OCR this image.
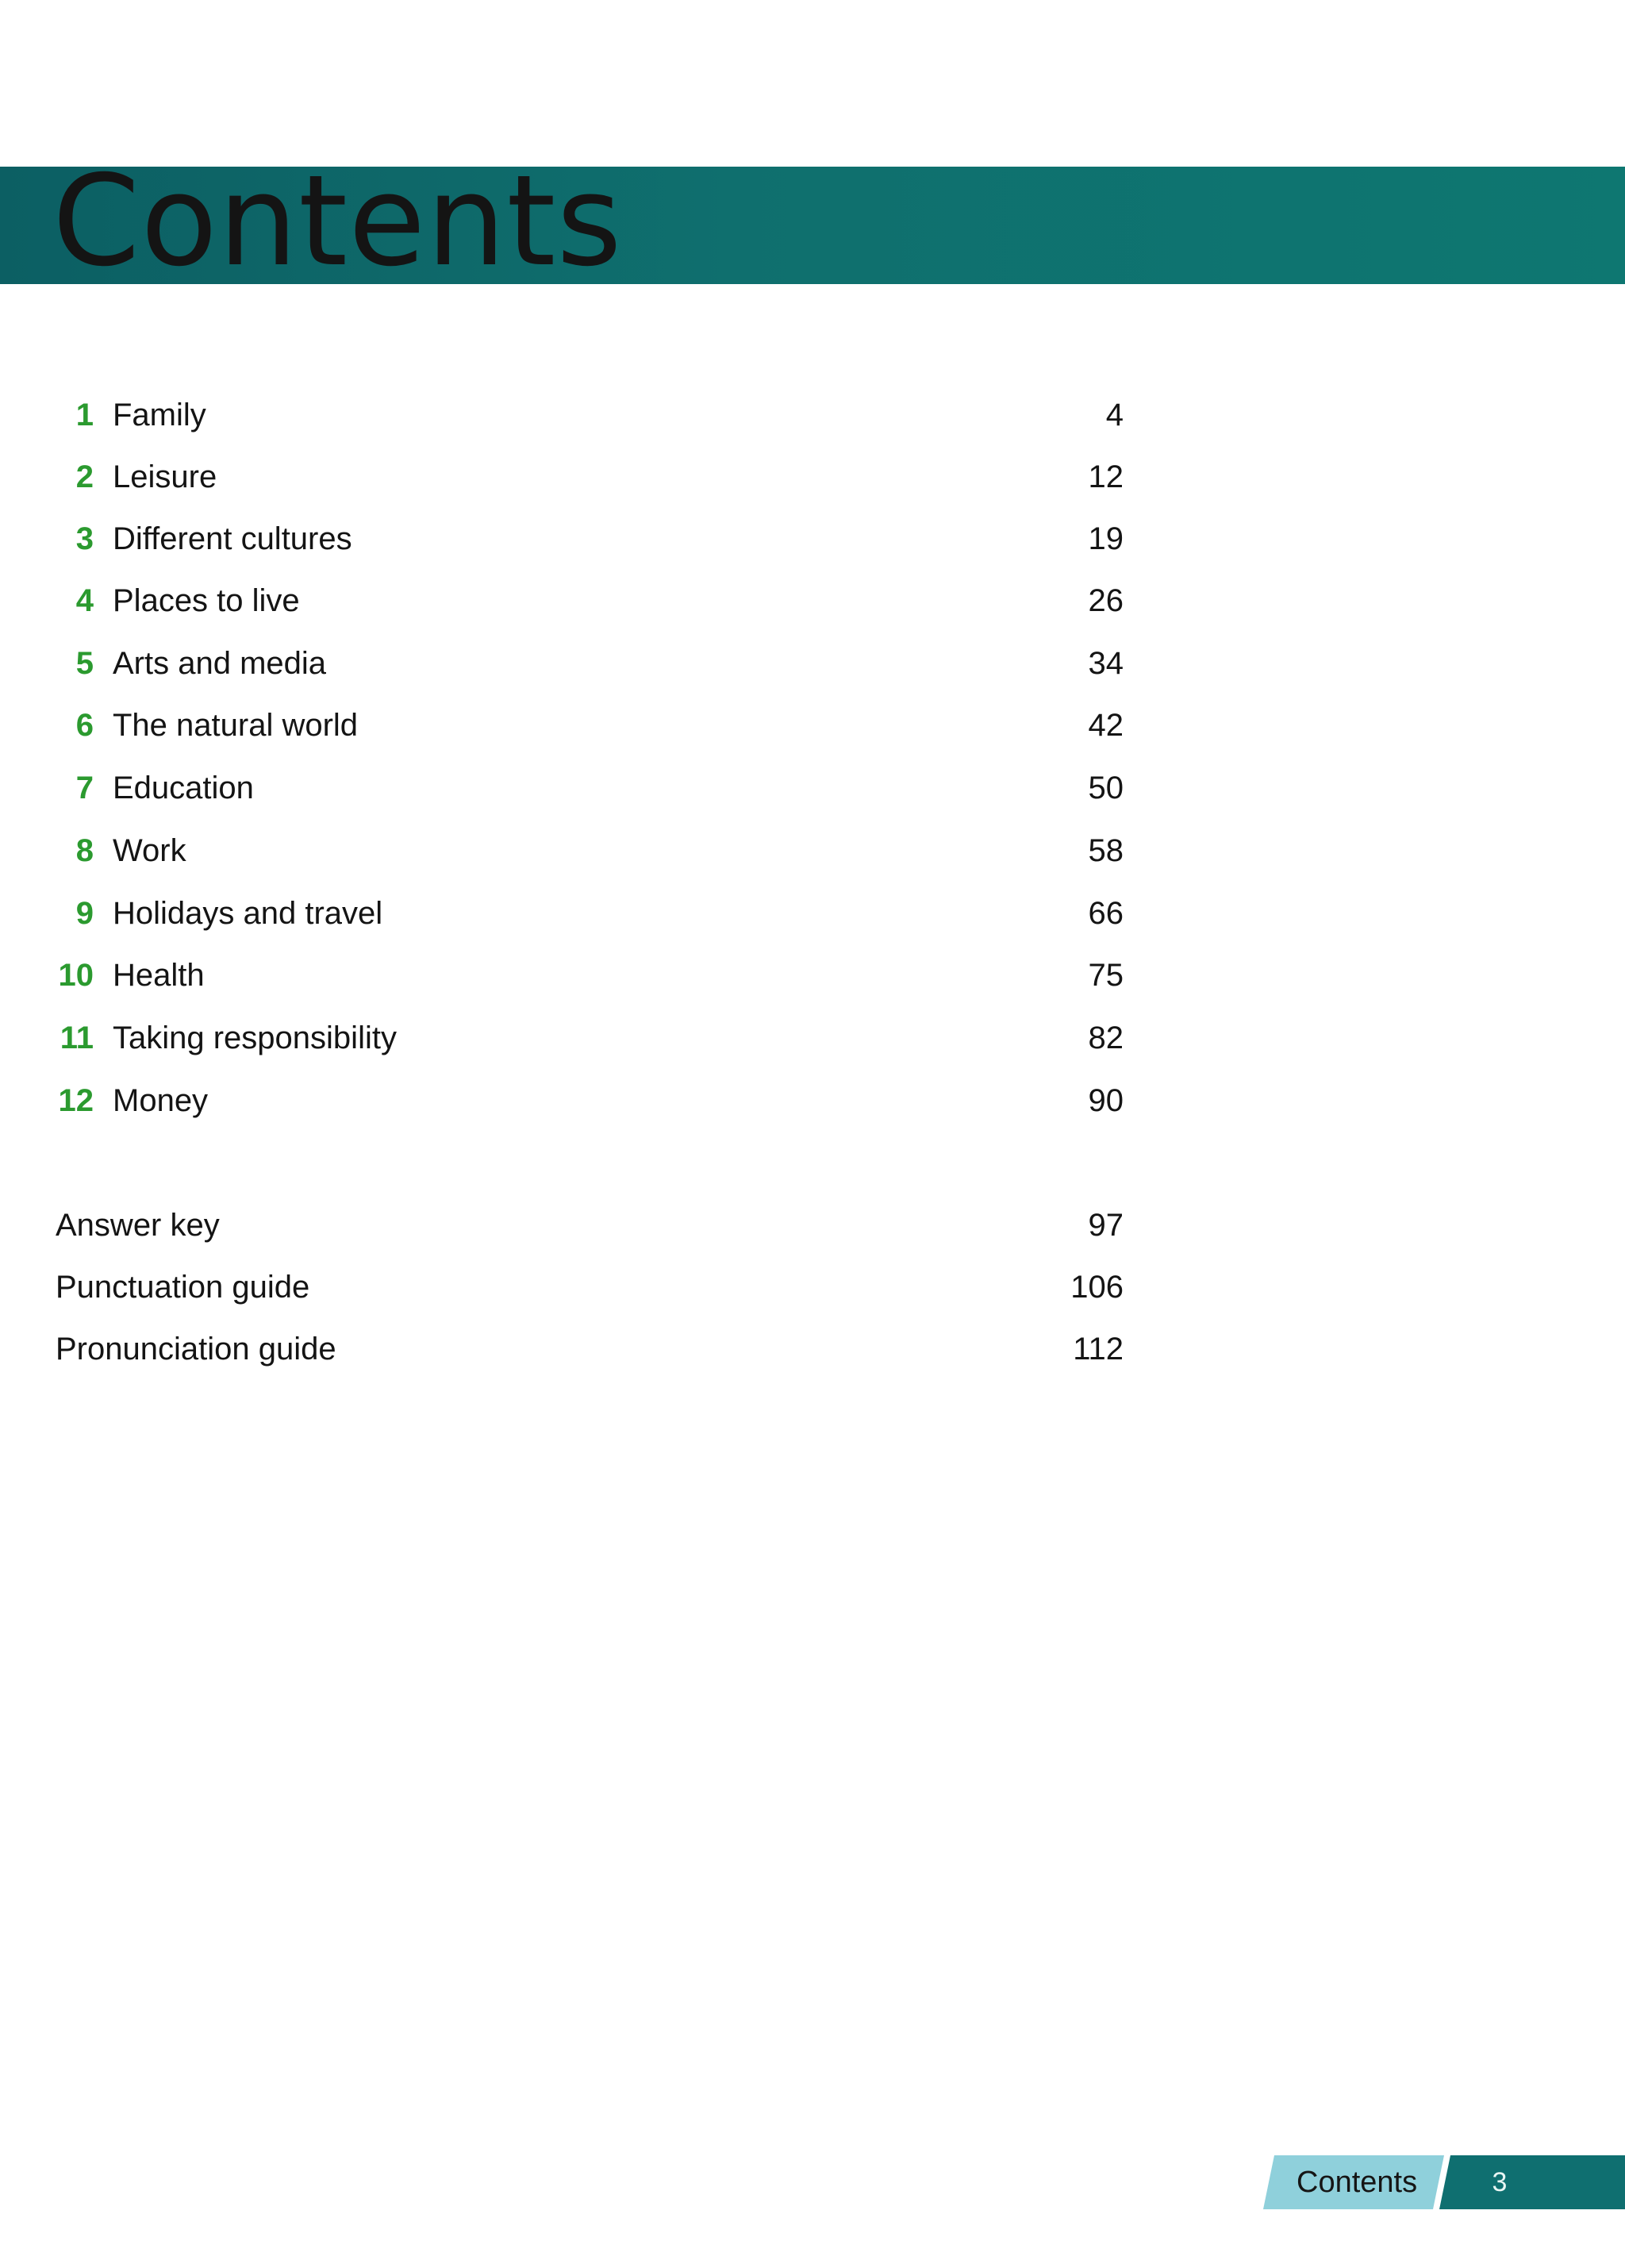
Contents
1 Family	4
2 Leisure	12
3 Different cultures	19
4 Places to live	26
5 Arts and media	34
6 The natural world	42
7 Education	50
8 Work	58
9 Holidays and travel	66
10 Health	75
11 Taking responsibility	82
12 Money	90
Answer key	97
Punctuation guide	106
Pronunciation guide	112
Contents	3
